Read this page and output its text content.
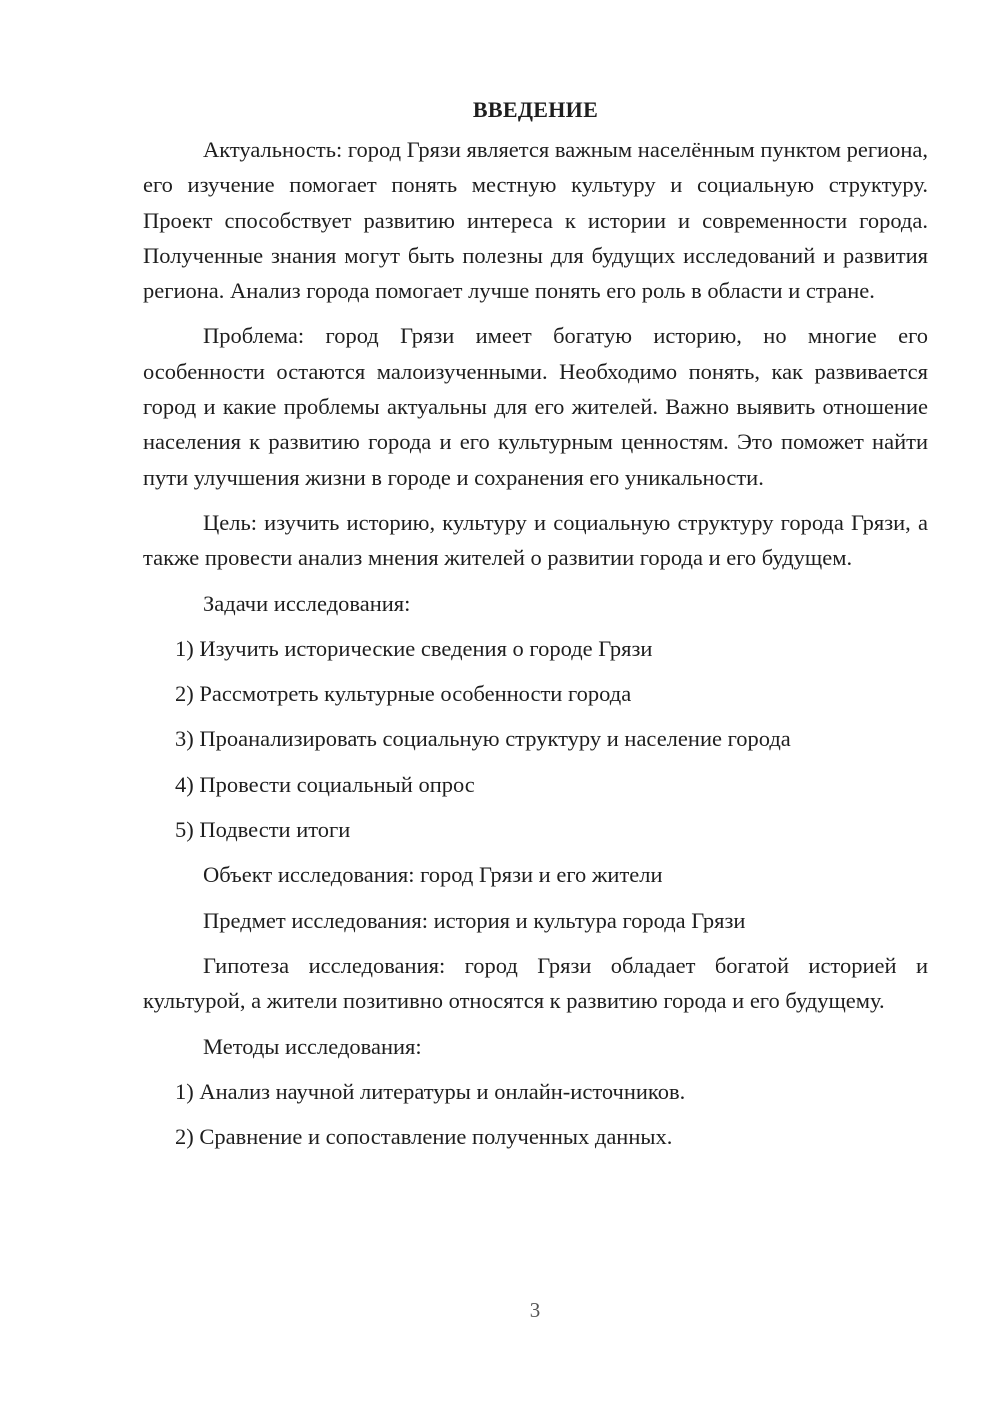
ВВЕДЕНИЕ

Актуальность: город Грязи является важным населённым пунктом региона, его изучение помогает понять местную культуру и социальную структуру. Проект способствует развитию интереса к истории и современности города. Полученные знания могут быть полезны для будущих исследований и развития региона. Анализ города помогает лучше понять его роль в области и стране.

Проблема: город Грязи имеет богатую историю, но многие его особенности остаются малоизученными. Необходимо понять, как развивается город и какие проблемы актуальны для его жителей. Важно выявить отношение населения к развитию города и его культурным ценностям. Это поможет найти пути улучшения жизни в городе и сохранения его уникальности.

Цель: изучить историю, культуру и социальную структуру города Грязи, а также провести анализ мнения жителей о развитии города и его будущем.

Задачи исследования:
1) Изучить исторические сведения о городе Грязи
2) Рассмотреть культурные особенности города
3) Проанализировать социальную структуру и население города
4) Провести социальный опрос
5) Подвести итоги
Объект исследования: город Грязи и его жители
Предмет исследования: история и культура города Грязи

Гипотеза исследования: город Грязи обладает богатой историей и культурой, а жители позитивно относятся к развитию города и его будущему.

Методы исследования:
1) Анализ научной литературы и онлайн-источников.
2) Сравнение и сопоставление полученных данных.
3
